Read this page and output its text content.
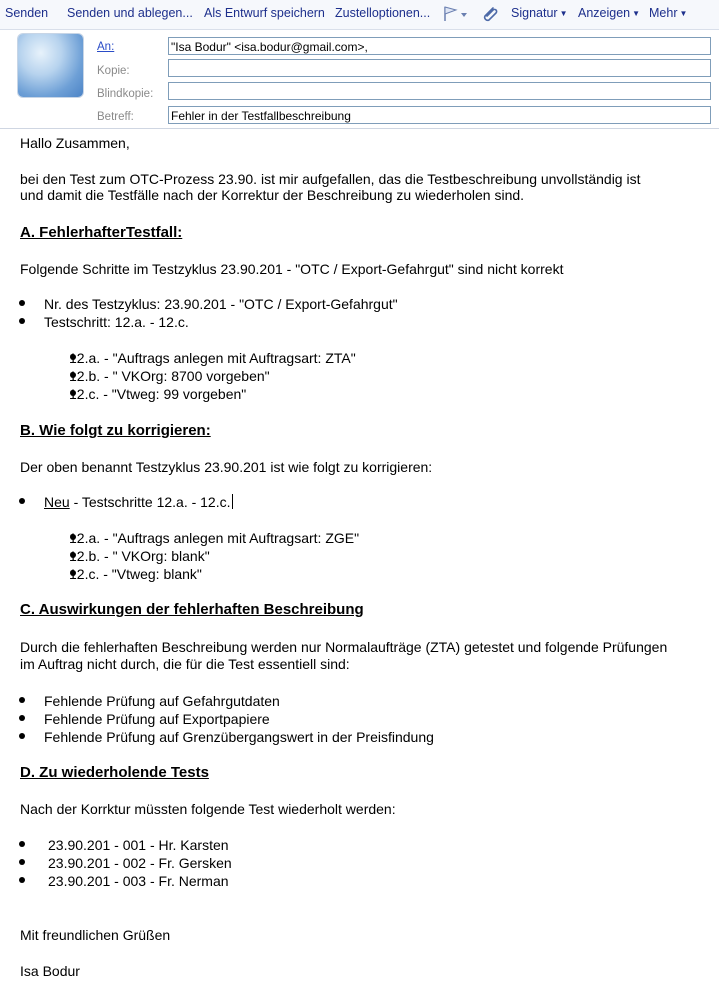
Senden Senden und ablegen... Als Entwurf speichern Zustelloptionen...	Signatur ▼ Anzeigen ▼ Mehr ▼
An:	"Isa Bodur" <isa.bodur@gmail.com>,
Kopie:
Blindkopie:
Betreff:	Fehler in der Testfallbeschreibung
Hallo Zusammen,
bei den Test zum OTC-Prozess 23.90. ist mir aufgefallen, das die Testbeschreibung unvollständig ist
und damit die Testfälle nach der Korrektur der Beschreibung zu wiederholen sind.
A. FehlerhafterTestfall:
Folgende Schritte im Testzyklus 23.90.201 - "OTC / Export-Gefahrgut" sind nicht korrekt
Nr. des Testzyklus: 23.90.201 - "OTC / Export-Gefahrgut"
Testschritt: 12.a. - 12.c.
12.a. - "Auftrags anlegen mit Auftragsart: ZTA"
12.b. - " VKOrg: 8700 vorgeben"
12.c. - "Vtweg: 99 vorgeben"
B. Wie folgt zu korrigieren:
Der oben benannt Testzyklus 23.90.201 ist wie folgt zu korrigieren:
Neu - Testschritte 12.a. - 12.c.
12.a. - "Auftrags anlegen mit Auftragsart: ZGE"
12.b. - " VKOrg: blank"
12.c. - "Vtweg: blank"
C. Auswirkungen der fehlerhaften Beschreibung
Durch die fehlerhaften Beschreibung werden nur Normalaufträge (ZTA) getestet und folgende Prüfungen
im Auftrag nicht durch, die für die Test essentiell sind:
Fehlende Prüfung auf Gefahrgutdaten
Fehlende Prüfung auf Exportpapiere
Fehlende Prüfung auf Grenzübergangswert in der Preisfindung
D. Zu wiederholende Tests
Nach der Korrktur müssten folgende Test wiederholt werden:
23.90.201 - 001 - Hr. Karsten
23.90.201 - 002 - Fr. Gersken
23.90.201 - 003 - Fr. Nerman
Mit freundlichen Grüßen
Isa Bodur
